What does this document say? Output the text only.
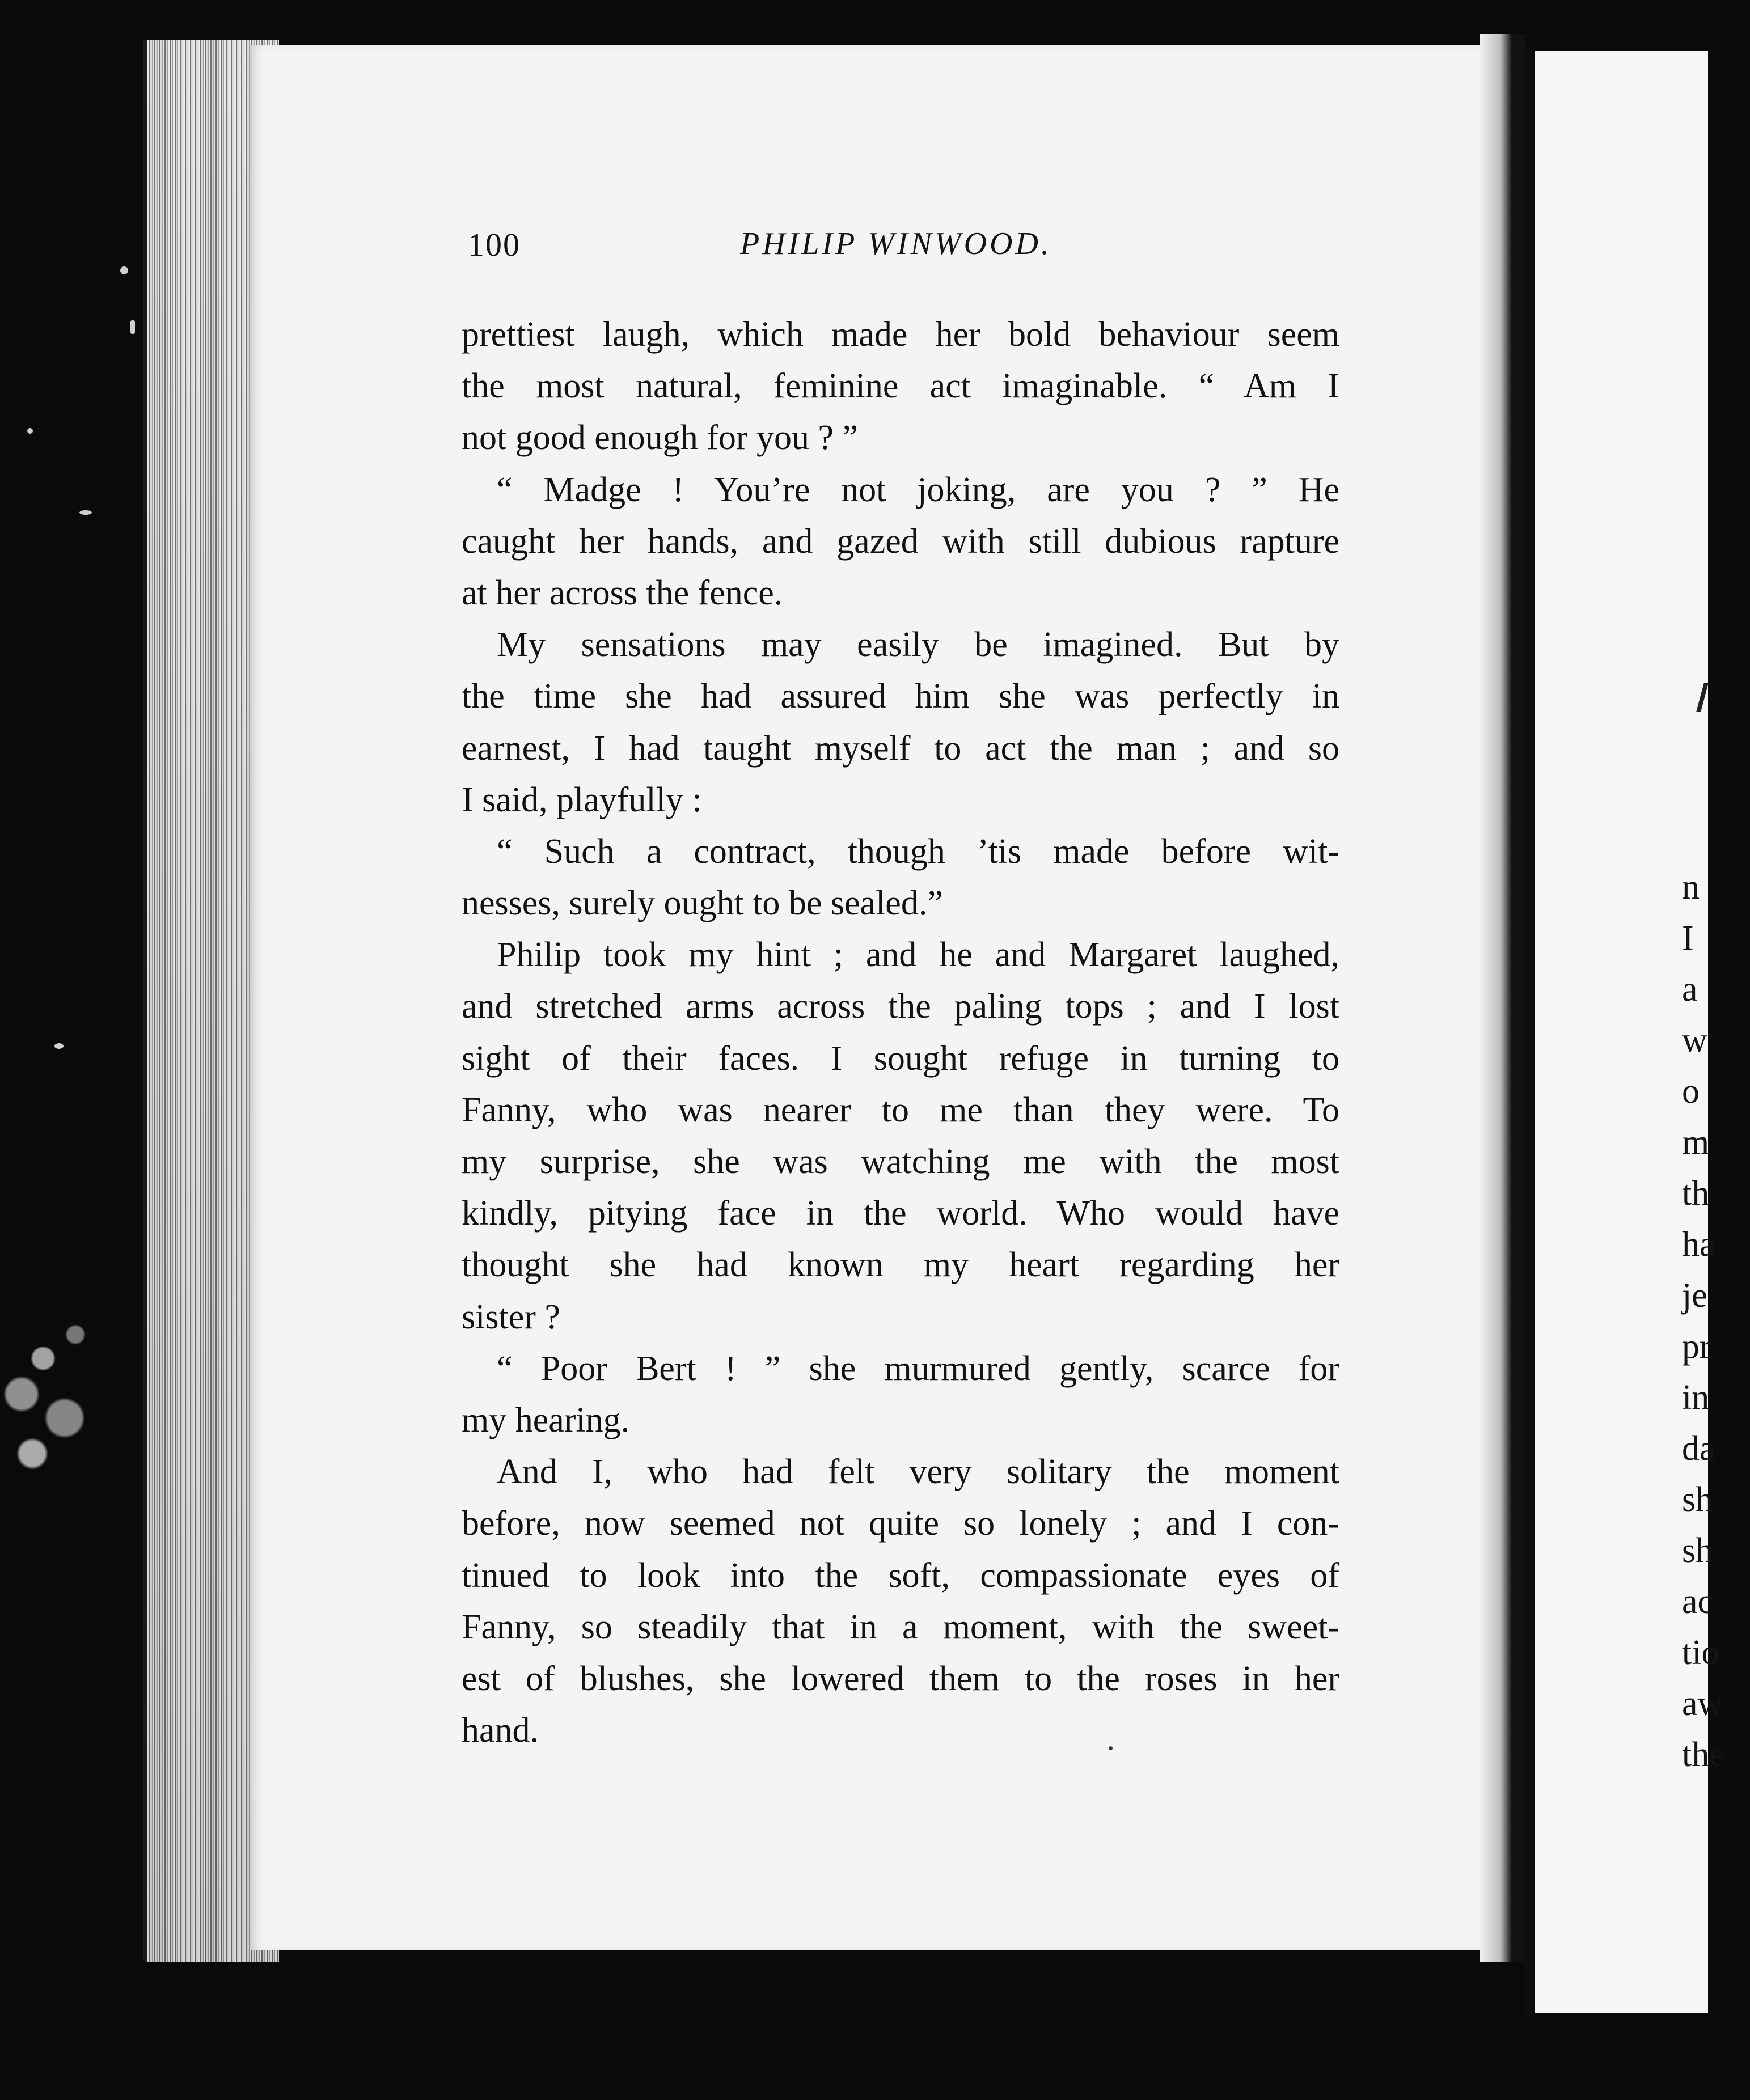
n
I
a
w
o
m
th
ha
je
pr
in
da
sh
sh
ac
tio
aw
the
100	PHILIP WINWOOD.
prettiest laugh, which made her bold behaviour seem
the most natural, feminine act imaginable. “ Am I
not good enough for you ? ”
“ Madge ! You’re not joking, are you ? ” He
caught her hands, and gazed with still dubious rapture
at her across the fence.
My sensations may easily be imagined. But by
the time she had assured him she was perfectly in
earnest, I had taught myself to act the man ; and so
I said, playfully :
“ Such a contract, though ’tis made before wit-
nesses, surely ought to be sealed.”
Philip took my hint ; and he and Margaret laughed,
and stretched arms across the paling tops ; and I lost
sight of their faces. I sought refuge in turning to
Fanny, who was nearer to me than they were. To
my surprise, she was watching me with the most
kindly, pitying face in the world. Who would have
thought she had known my heart regarding her
sister ?
“ Poor Bert ! ” she murmured gently, scarce for
my hearing.
And I, who had felt very solitary the moment
before, now seemed not quite so lonely ; and I con-
tinued to look into the soft, compassionate eyes of
Fanny, so steadily that in a moment, with the sweet-
est of blushes, she lowered them to the roses in her
hand.
